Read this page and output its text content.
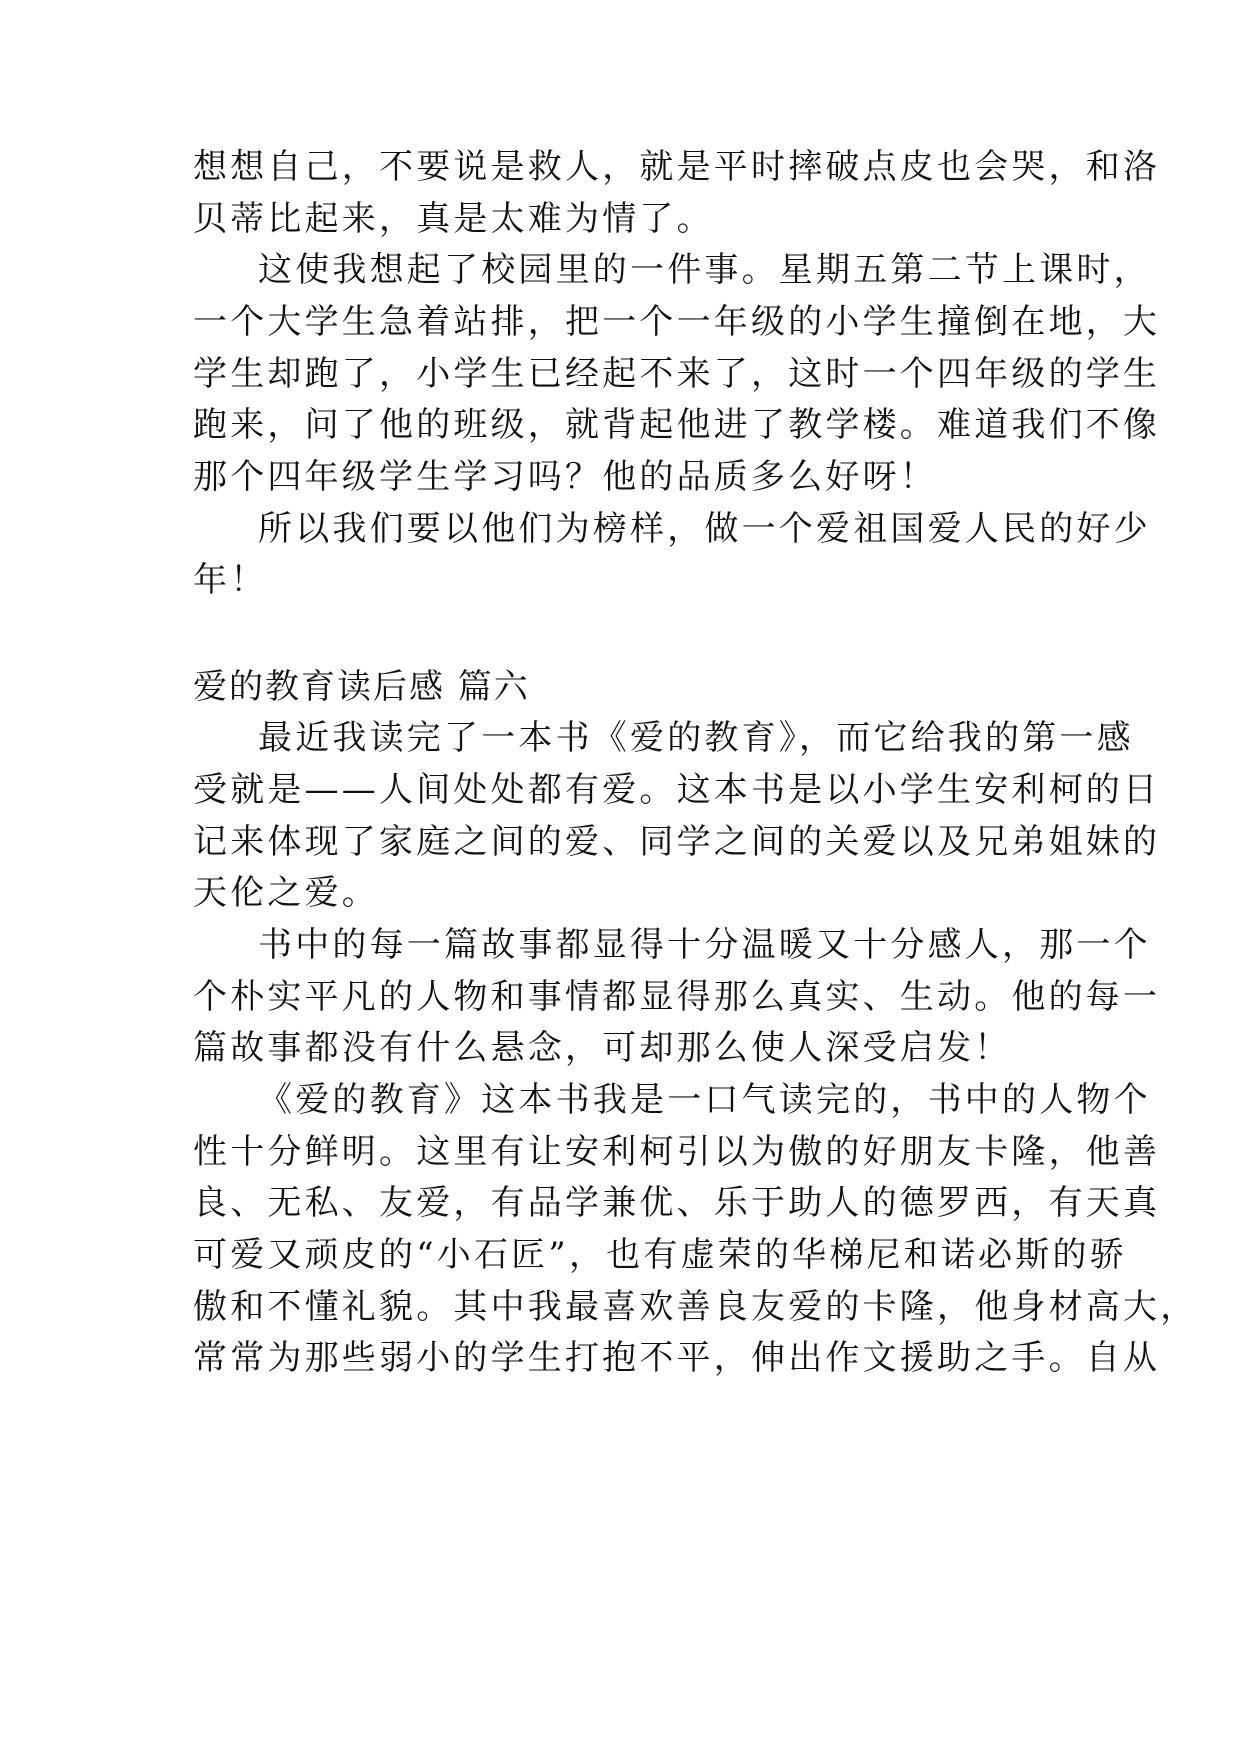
想想自己，不要说是救人，就是平时摔破点皮也会哭，和洛
贝蒂比起来，真是太难为情了。
这使我想起了校园里的一件事。星期五第二节上课时，
一个大学生急着站排，把一个一年级的小学生撞倒在地，大
学生却跑了，小学生已经起不来了，这时一个四年级的学生
跑来，问了他的班级，就背起他进了教学楼。难道我们不像
那个四年级学生学习吗？他的品质多么好呀！
所以我们要以他们为榜样，做一个爱祖国爱人民的好少
年！
爱的教育读后感 篇六
最近我读完了一本书《爱的教育》，而它给我的第一感
受就是——人间处处都有爱。这本书是以小学生安利柯的日
记来体现了家庭之间的爱、同学之间的关爱以及兄弟姐妹的
天伦之爱。
书中的每一篇故事都显得十分温暖又十分感人，那一个
个朴实平凡的人物和事情都显得那么真实、生动。他的每一
篇故事都没有什么悬念，可却那么使人深受启发！
《爱的教育》这本书我是一口气读完的，书中的人物个
性十分鲜明。这里有让安利柯引以为傲的好朋友卡隆，他善
良、无私、友爱，有品学兼优、乐于助人的德罗西，有天真
可爱又顽皮的“小石匠”，也有虚荣的华梯尼和诺必斯的骄
傲和不懂礼貌。其中我最喜欢善良友爱的卡隆，他身材高大，
常常为那些弱小的学生打抱不平，伸出作文援助之手。自从
